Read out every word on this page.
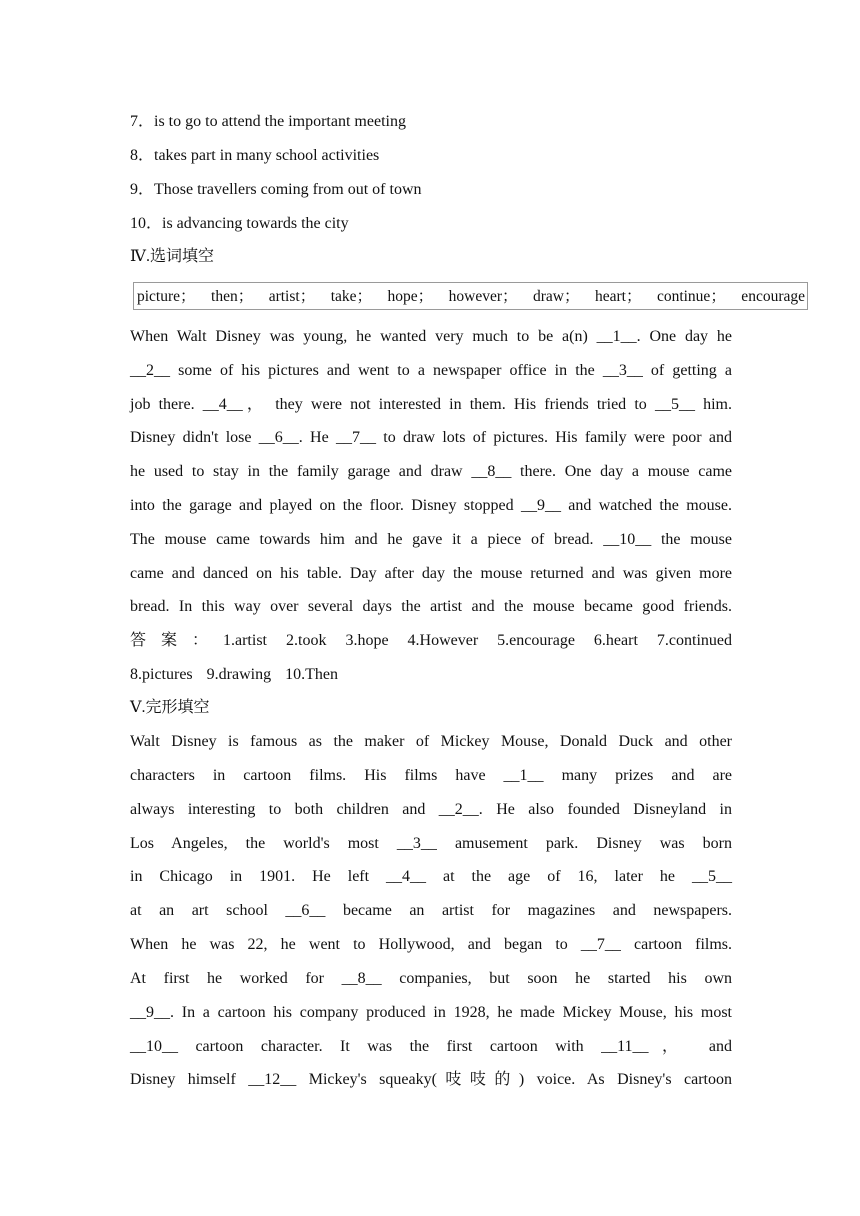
7．is to go to attend the important meeting
8．takes part in many school activities
9．Those travellers coming from out of town
10．is advancing towards the city
Ⅳ.选词填空
picture； then； artist； take； hope； however； draw； heart； continue； encourage
When Walt Disney was young, he wanted very much to be a(n) __1__. One day he
__2__ some of his pictures and went to a newspaper office in the __3__ of getting a
job there. __4__， they were not interested in them. His friends tried to __5__ him.
Disney didn't lose __6__. He __7__ to draw lots of pictures. His family were poor and
he used to stay in the family garage and draw __8__ there. One day a mouse came
into the garage and played on the floor. Disney stopped __9__ and watched the mouse.
The mouse came towards him and he gave it a piece of bread. __10__ the mouse
came and danced on his table. Day after day the mouse returned and was given more
bread. In this way over several days the artist and the mouse became good friends.
答案：1.artist 2.took 3.hope 4.However 5.encourage 6.heart 7.continued
8.pictures 9.drawing 10.Then
Ⅴ.完形填空
Walt Disney is famous as the maker of Mickey Mouse, Donald Duck and other
characters in cartoon films. His films have __1__ many prizes and are
always interesting to both children and __2__. He also founded Disneyland in
Los Angeles, the world's most __3__ amusement park. Disney was born
in Chicago in 1901. He left __4__ at the age of 16, later he __5__
at an art school __6__ became an artist for magazines and newspapers.
When he was 22, he went to Hollywood, and began to __7__ cartoon films.
At first he worked for __8__ companies, but soon he started his own
__9__. In a cartoon his company produced in 1928, he made Mickey Mouse, his most
__10__ cartoon character. It was the first cartoon with __11__， and
Disney himself __12__ Mickey's squeaky(吱吱的) voice. As Disney's cartoon
